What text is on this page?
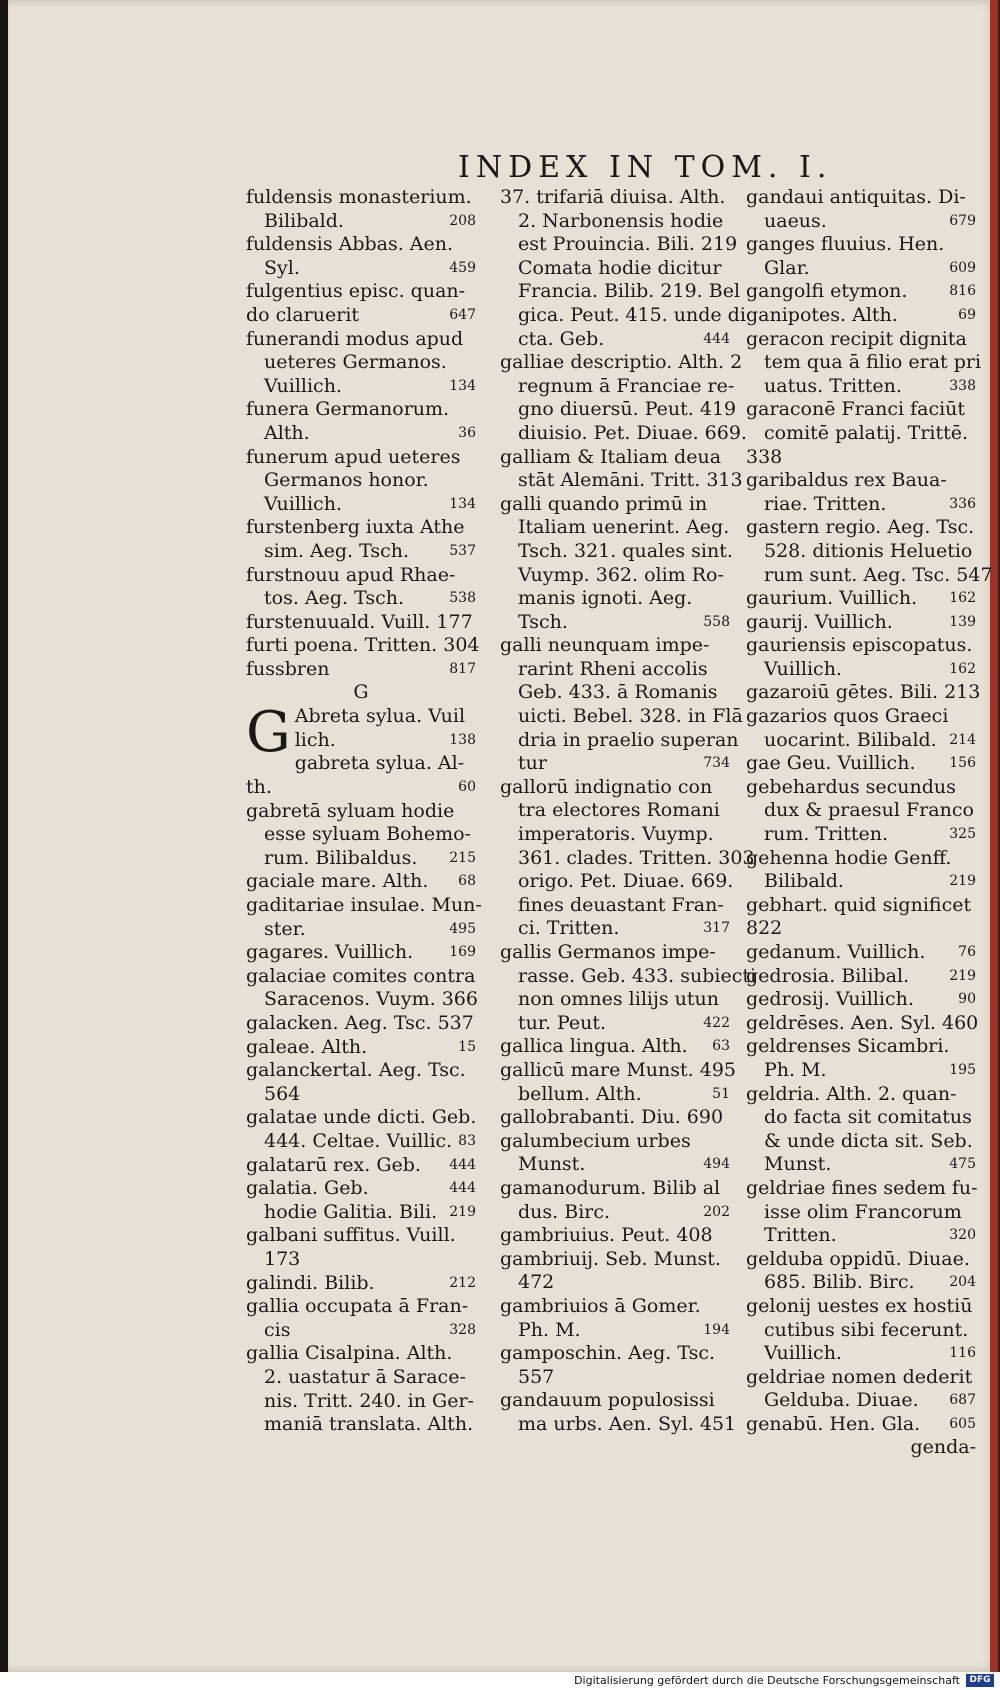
INDEX IN TOM. I.
fuldensis monasterium.
Bilibald.	208
fuldensis Abbas. Aen.
Syl.	459
fulgentius episc. quan-
do claruerit	647
funerandi modus apud
ueteres Germanos.
Vuillich.	134
funera Germanorum.
Alth.	36
funerum apud ueteres
Germanos honor.
Vuillich.	134
furstenberg iuxta Athe
sim. Aeg. Tsch.	537
furstnouu apud Rhae-
tos. Aeg. Tsch.	538
furstenuuald. Vuill. 177
furti poena. Tritten. 304
fussbren	817
G
G Abreta sylua. Vuil
lich.	138
gabreta sylua. Al-
th.	60
gabretā syluam hodie
esse syluam Bohemo-
rum. Bilibaldus. 215
gaciale mare. Alth. 68
gaditariae insulae. Mun-
ster.	495
gagares. Vuillich.	169
galaciae comites contra
Saracenos. Vuym. 366
galacken. Aeg. Tsc. 537
galeae. Alth.	15
galanckertal. Aeg. Tsc.
564
galatae unde dicti. Geb.
444. Celtae. Vuillic. 83
galatarū rex. Geb. 444
galatia. Geb.	444
hodie Galitia. Bili. 219
galbani suffitus. Vuill.
173
galindi. Bilib.	212
gallia occupata ā Fran-
cis	328
gallia Cisalpina. Alth.
2. uastatur ā Sarace-
nis. Tritt. 240. in Ger-
maniā translata. Alth.
37. trifariā diuisa. Alth.
2. Narbonensis hodie
est Prouincia. Bili. 219
Comata hodie dicitur
Francia. Bilib. 219. Bel
gica. Peut. 415. unde di
cta. Geb.	444
galliae descriptio. Alth. 2
regnum ā Franciae re-
gno diuersū. Peut. 419
diuisio. Pet. Diuae. 669.
galliam & Italiam deua
stāt Alemāni. Tritt. 313
galli quando primū in
Italiam uenerint. Aeg.
Tsch. 321. quales sint.
Vuymp. 362. olim Ro-
manis ignoti. Aeg.
Tsch.	558
galli neunquam impe-
rarint Rheni accolis
Geb. 433. ā Romanis
uicti. Bebel. 328. in Flā
dria in praelio superan
tur	734
gallorū indignatio con
tra electores Romani
imperatoris. Vuymp.
361. clades. Tritten. 303
origo. Pet. Diuae. 669.
fines deuastant Fran-
ci. Tritten.	317
gallis Germanos impe-
rasse. Geb. 433. subiecti
non omnes lilijs utun
tur. Peut.	422
gallica lingua. Alth. 63
gallicū mare Munst. 495
bellum. Alth.	51
gallobrabanti. Diu. 690
galumbecium urbes
Munst.	494
gamanodurum. Bilib al
dus. Birc.	202
gambriuius. Peut. 408
gambriuij. Seb. Munst.
472
gambriuios ā Gomer.
Ph. M.	194
gamposchin. Aeg. Tsc.
557
gandauum populosissi
ma urbs. Aen. Syl. 451
gandaui antiquitas. Di-
uaeus.	679
ganges fluuius. Hen.
Glar.	609
gangolfi etymon.	816
ganipotes. Alth.	69
geracon recipit dignita
tem qua ā filio erat pri
uatus. Tritten.	338
garaconē Franci faciūt
comitē palatij. Trittē.
338
garibaldus rex Baua-
riae. Tritten.	336
gastern regio. Aeg. Tsc.
528. ditionis Heluetio
rum sunt. Aeg. Tsc. 547
gaurium. Vuillich. 162
gaurij. Vuillich.	139
gauriensis episcopatus.
Vuillich.	162
gazaroiū gētes. Bili. 213
gazarios quos Graeci
uocarint. Bilibald. 214
gae Geu. Vuillich. 156
gebehardus secundus
dux & praesul Franco
rum. Tritten.	325
gehenna hodie Genff.
Bilibald.	219
gebhart. quid significet
822
gedanum. Vuillich. 76
gedrosia. Bilibal.	219
gedrosij. Vuillich.	90
geldrēses. Aen. Syl. 460
geldrenses Sicambri.
Ph. M.	195
geldria. Alth. 2. quan-
do facta sit comitatus
& unde dicta sit. Seb.
Munst.	475
geldriae fines sedem fu-
isse olim Francorum
Tritten.	320
gelduba oppidū. Diuae.
685. Bilib. Birc. 204
gelonij uestes ex hostiū
cutibus sibi fecerunt.
Vuillich.	116
geldriae nomen dederit
Gelduba. Diuae. 687
genabū. Hen. Gla. 605
genda-
Digitalisierung gefördert durch die Deutsche Forschungsgemeinschaft	DFG
